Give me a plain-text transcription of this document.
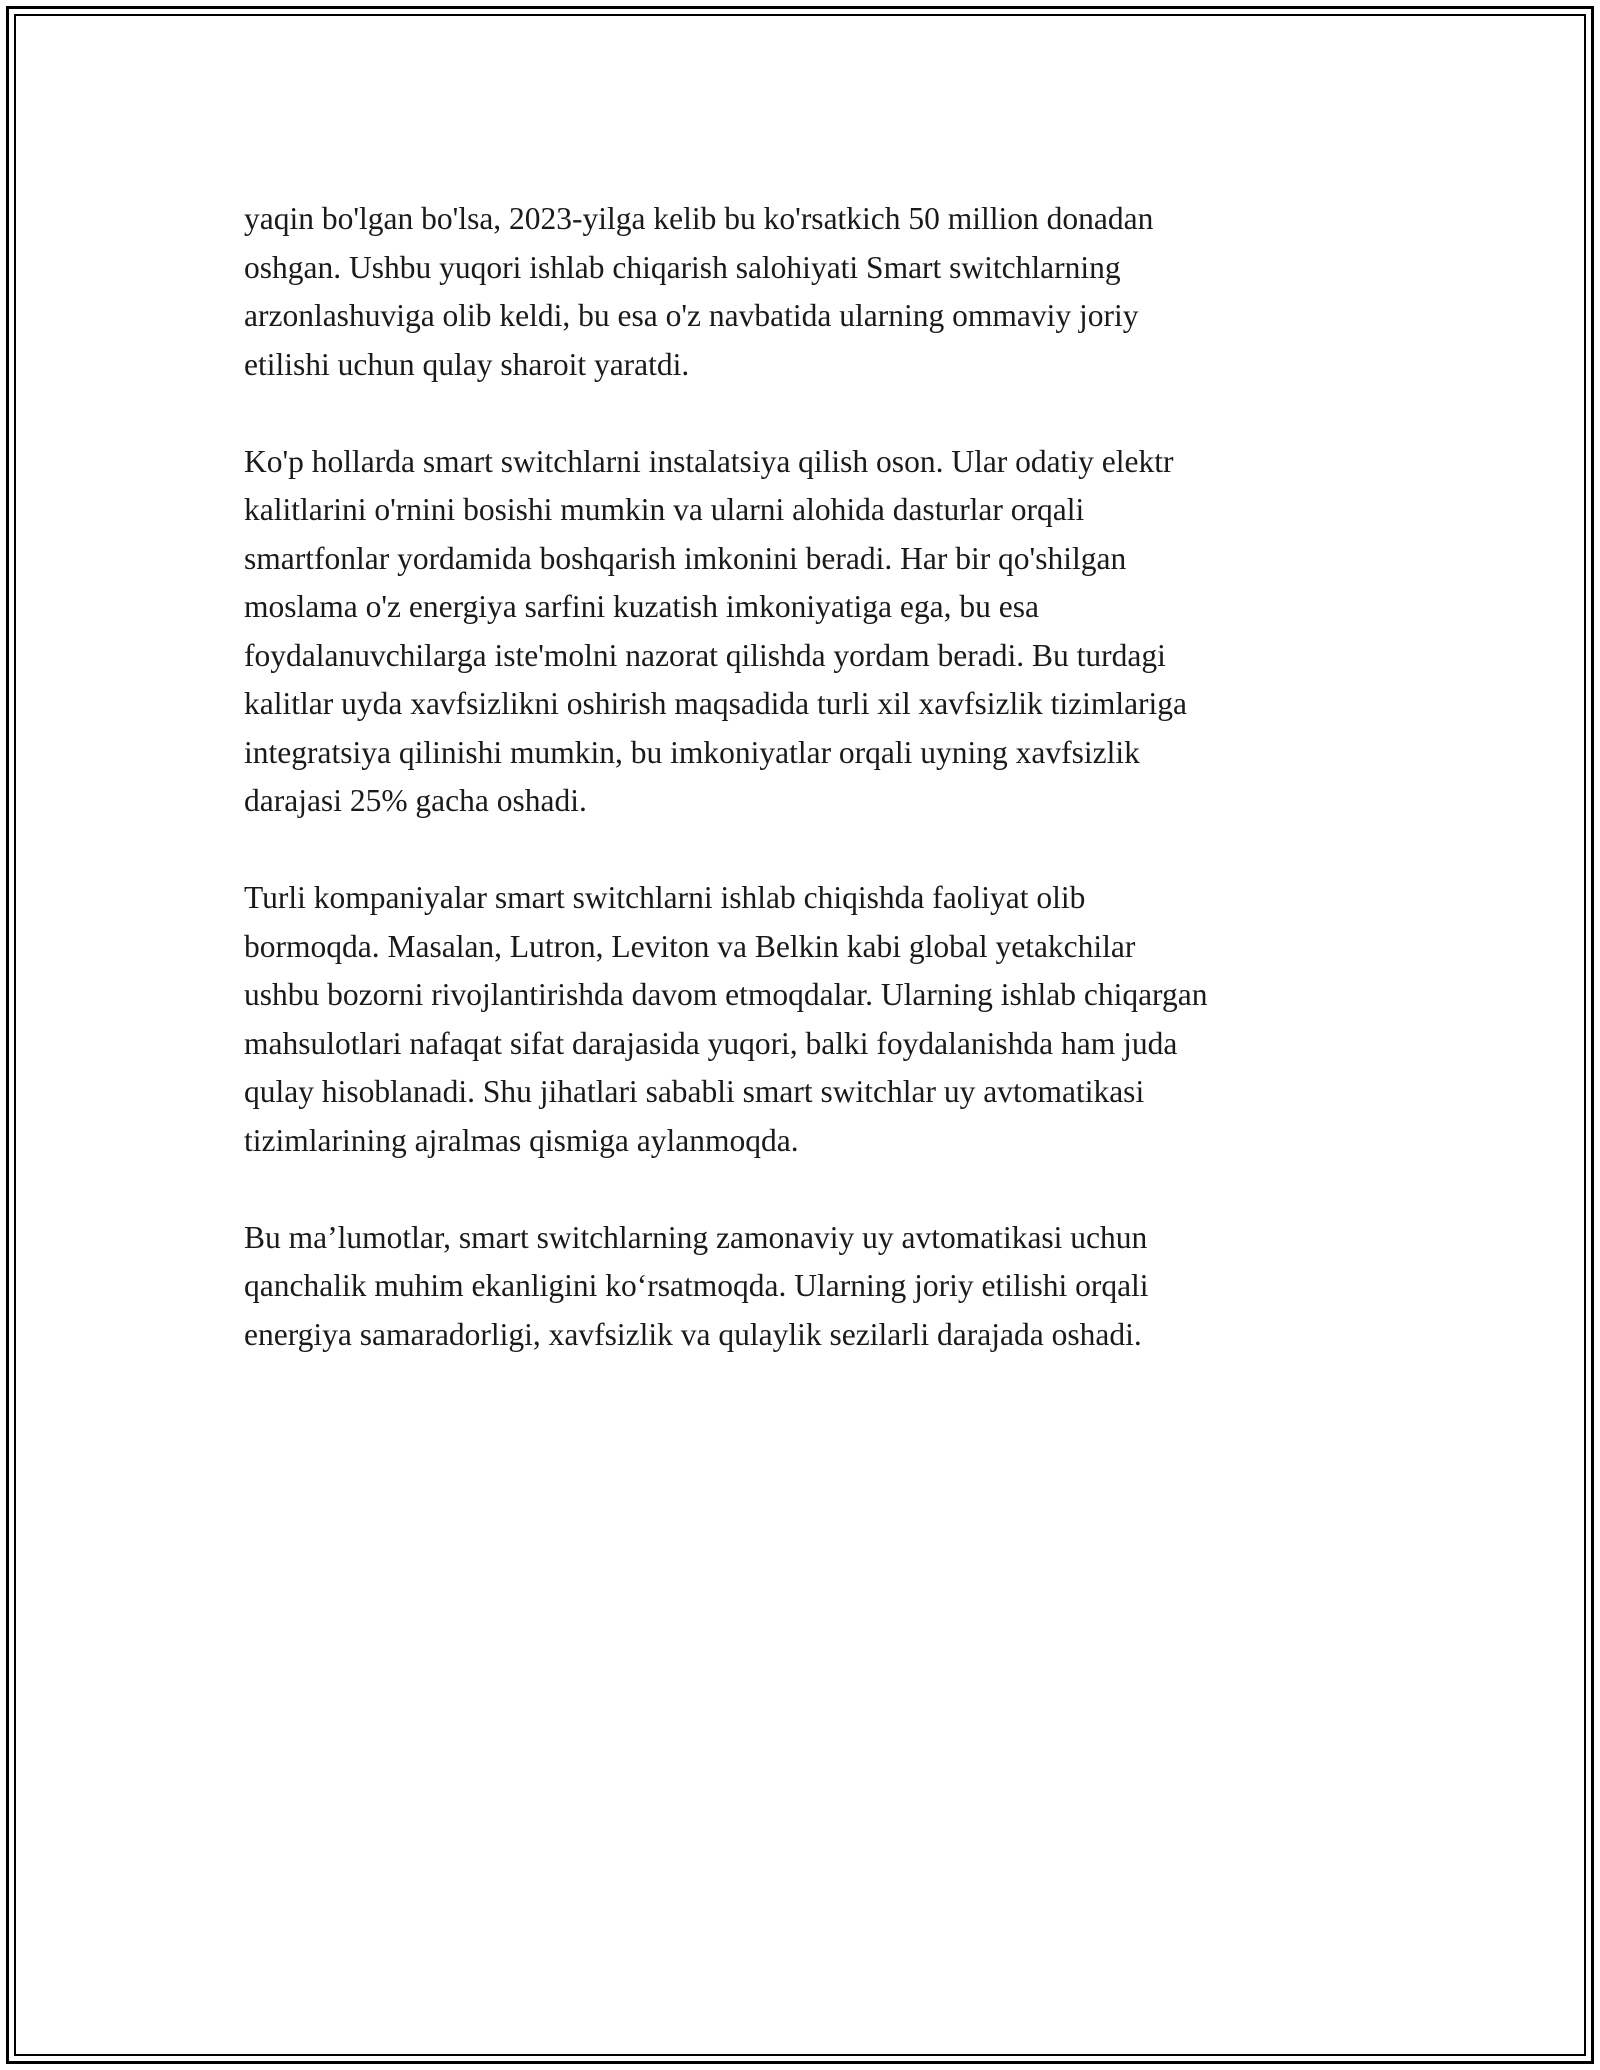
yaqin bo'lgan bo'lsa, 2023-yilga kelib bu ko'rsatkich 50 million donadan
oshgan. Ushbu yuqori ishlab chiqarish salohiyati Smart switchlarning
arzonlashuviga olib keldi, bu esa o'z navbatida ularning ommaviy joriy
etilishi uchun qulay sharoit yaratdi.

Ko'p hollarda smart switchlarni instalatsiya qilish oson. Ular odatiy elektr
kalitlarini o'rnini bosishi mumkin va ularni alohida dasturlar orqali
smartfonlar yordamida boshqarish imkonini beradi. Har bir qo'shilgan
moslama o'z energiya sarfini kuzatish imkoniyatiga ega, bu esa
foydalanuvchilarga iste'molni nazorat qilishda yordam beradi. Bu turdagi
kalitlar uyda xavfsizlikni oshirish maqsadida turli xil xavfsizlik tizimlariga
integratsiya qilinishi mumkin, bu imkoniyatlar orqali uyning xavfsizlik
darajasi 25% gacha oshadi.

Turli kompaniyalar smart switchlarni ishlab chiqishda faoliyat olib
bormoqda. Masalan, Lutron, Leviton va Belkin kabi global yetakchilar
ushbu bozorni rivojlantirishda davom etmoqdalar. Ularning ishlab chiqargan
mahsulotlari nafaqat sifat darajasida yuqori, balki foydalanishda ham juda
qulay hisoblanadi. Shu jihatlari sababli smart switchlar uy avtomatikasi
tizimlarining ajralmas qismiga aylanmoqda.

Bu ma’lumotlar, smart switchlarning zamonaviy uy avtomatikasi uchun
qanchalik muhim ekanligini ko‘rsatmoqda. Ularning joriy etilishi orqali
energiya samaradorligi, xavfsizlik va qulaylik sezilarli darajada oshadi.
